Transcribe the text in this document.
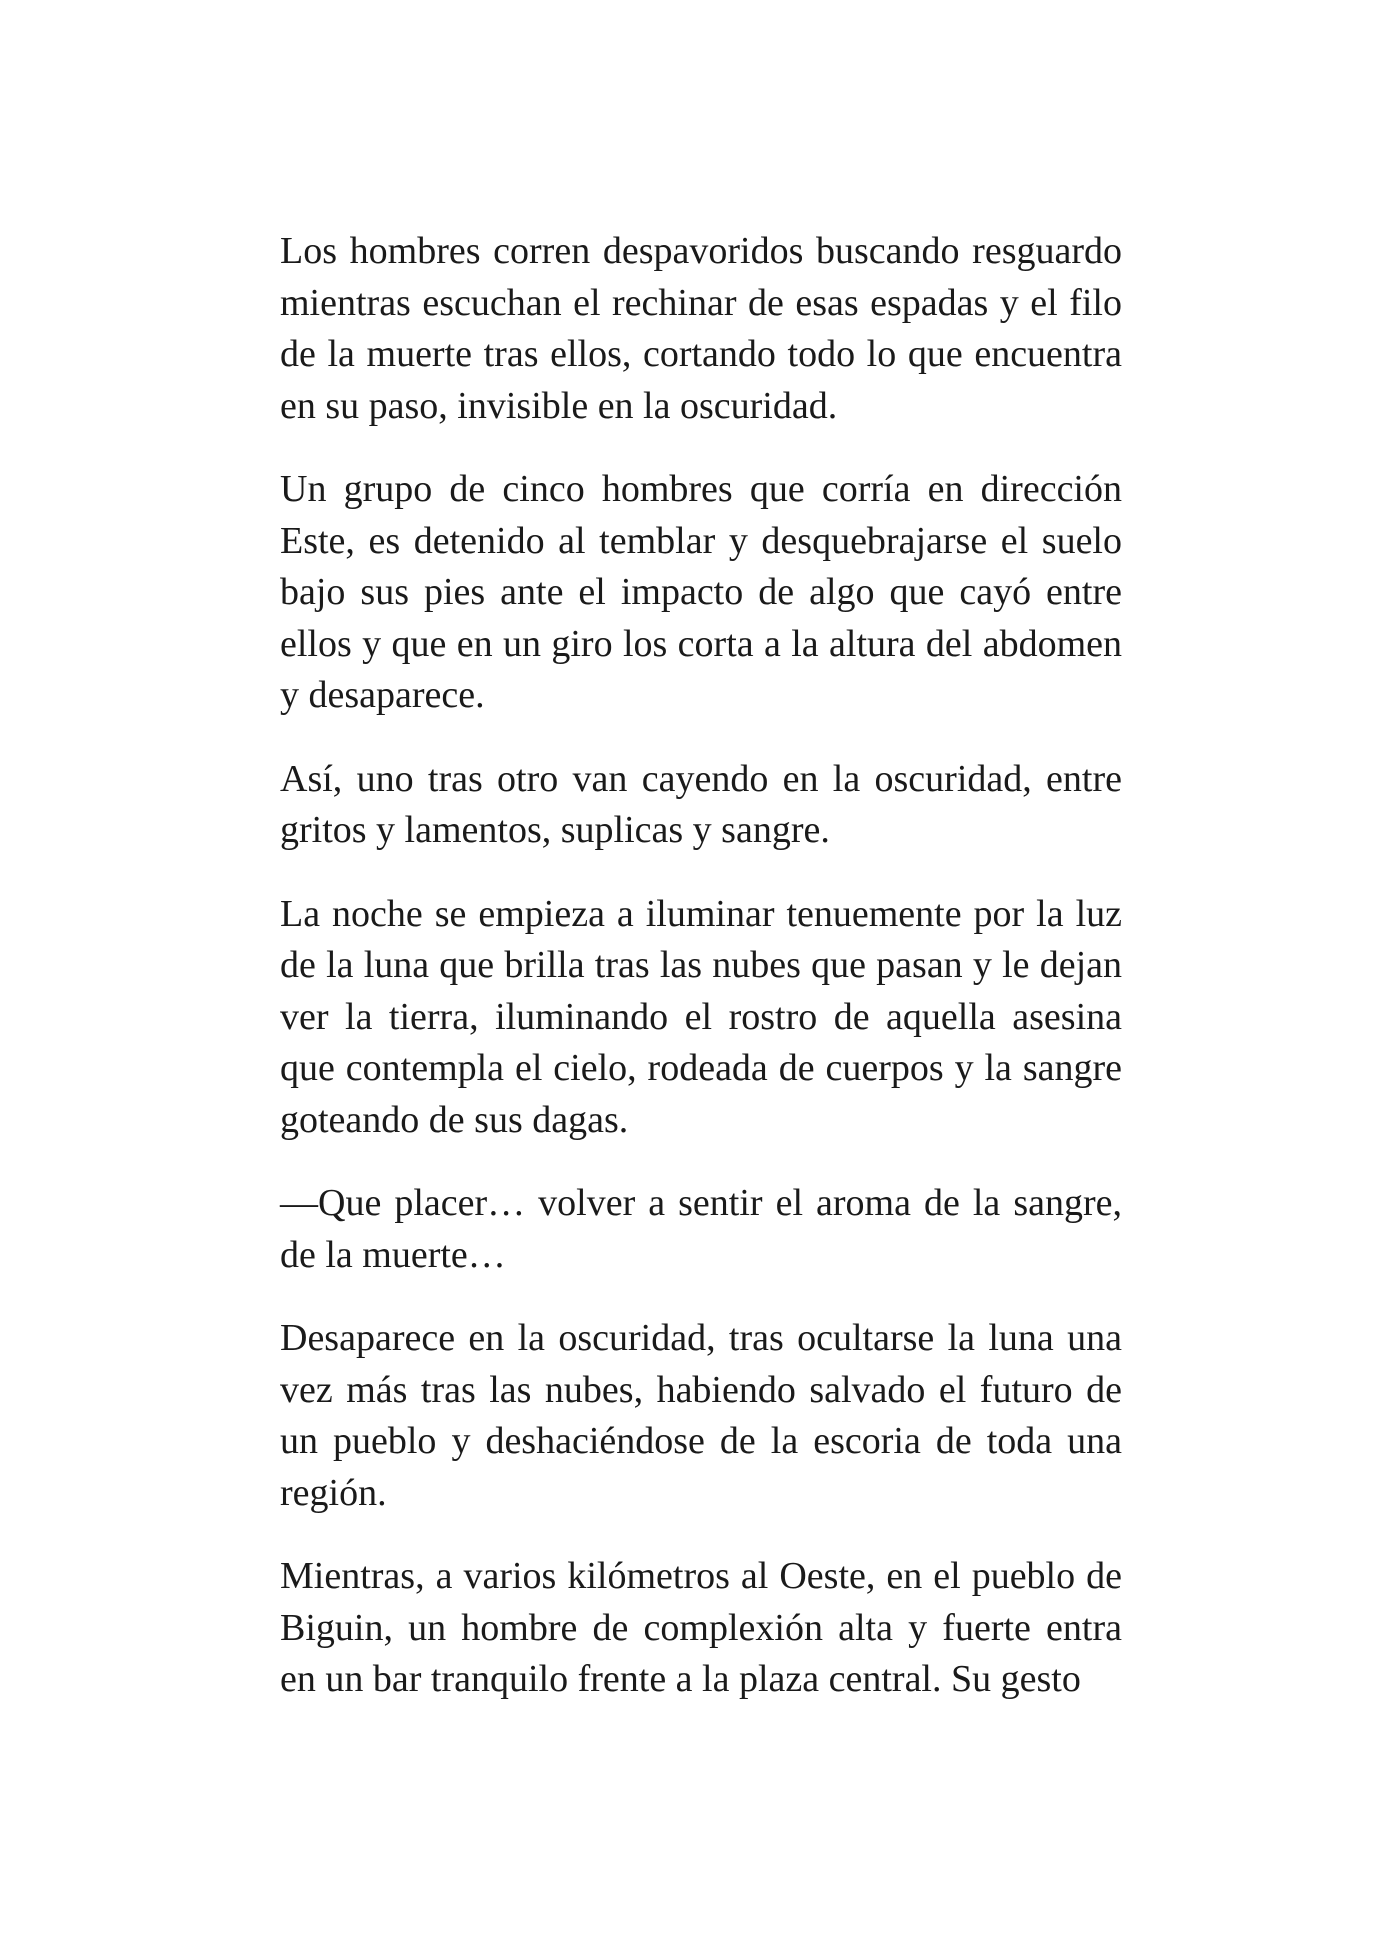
Los hombres corren despavoridos buscando resguardo mientras escuchan el rechinar de esas espadas y el filo de la muerte tras ellos, cortando todo lo que encuentra en su paso, invisible en la oscuridad.

Un grupo de cinco hombres que corría en dirección Este, es detenido al temblar y desquebrajarse el suelo bajo sus pies ante el impacto de algo que cayó entre ellos y que en un giro los corta a la altura del abdomen y desaparece.

Así, uno tras otro van cayendo en la oscuridad, entre gritos y lamentos, suplicas y sangre.

La noche se empieza a iluminar tenuemente por la luz de la luna que brilla tras las nubes que pasan y le dejan ver la tierra, iluminando el rostro de aquella asesina que contempla el cielo, rodeada de cuerpos y la sangre goteando de sus dagas.

—Que placer… volver a sentir el aroma de la sangre, de la muerte…

Desaparece en la oscuridad, tras ocultarse la luna una vez más tras las nubes, habiendo salvado el futuro de un pueblo y deshaciéndose de la escoria de toda una región.

Mientras, a varios kilómetros al Oeste, en el pueblo de Biguin, un hombre de complexión alta y fuerte entra en un bar tranquilo frente a la plaza central. Su gesto
